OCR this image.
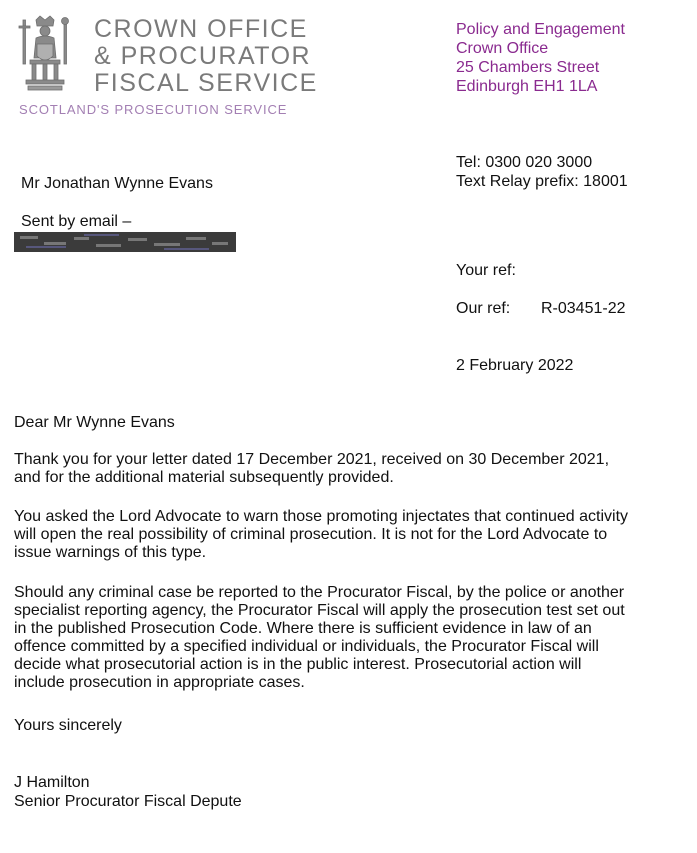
CROWN OFFICE
& PROCURATOR
FISCAL SERVICE
SCOTLAND'S PROSECUTION SERVICE
Policy and Engagement
Crown Office
25 Chambers Street
Edinburgh EH1 1LA
Tel: 0300 020 3000
Text Relay prefix: 18001
Mr Jonathan Wynne Evans
Sent by email –
Your ref:
Our ref: R-03451-22
2 February 2022
Dear Mr Wynne Evans
Thank you for your letter dated 17 December 2021, received on 30 December 2021, and for the additional material subsequently provided.
You asked the Lord Advocate to warn those promoting injectates that continued activity will open the real possibility of criminal prosecution. It is not for the Lord Advocate to issue warnings of this type.
Should any criminal case be reported to the Procurator Fiscal, by the police or another specialist reporting agency, the Procurator Fiscal will apply the prosecution test set out in the published Prosecution Code. Where there is sufficient evidence in law of an offence committed by a specified individual or individuals, the Procurator Fiscal will decide what prosecutorial action is in the public interest. Prosecutorial action will include prosecution in appropriate cases.
Yours sincerely
J Hamilton
Senior Procurator Fiscal Depute
